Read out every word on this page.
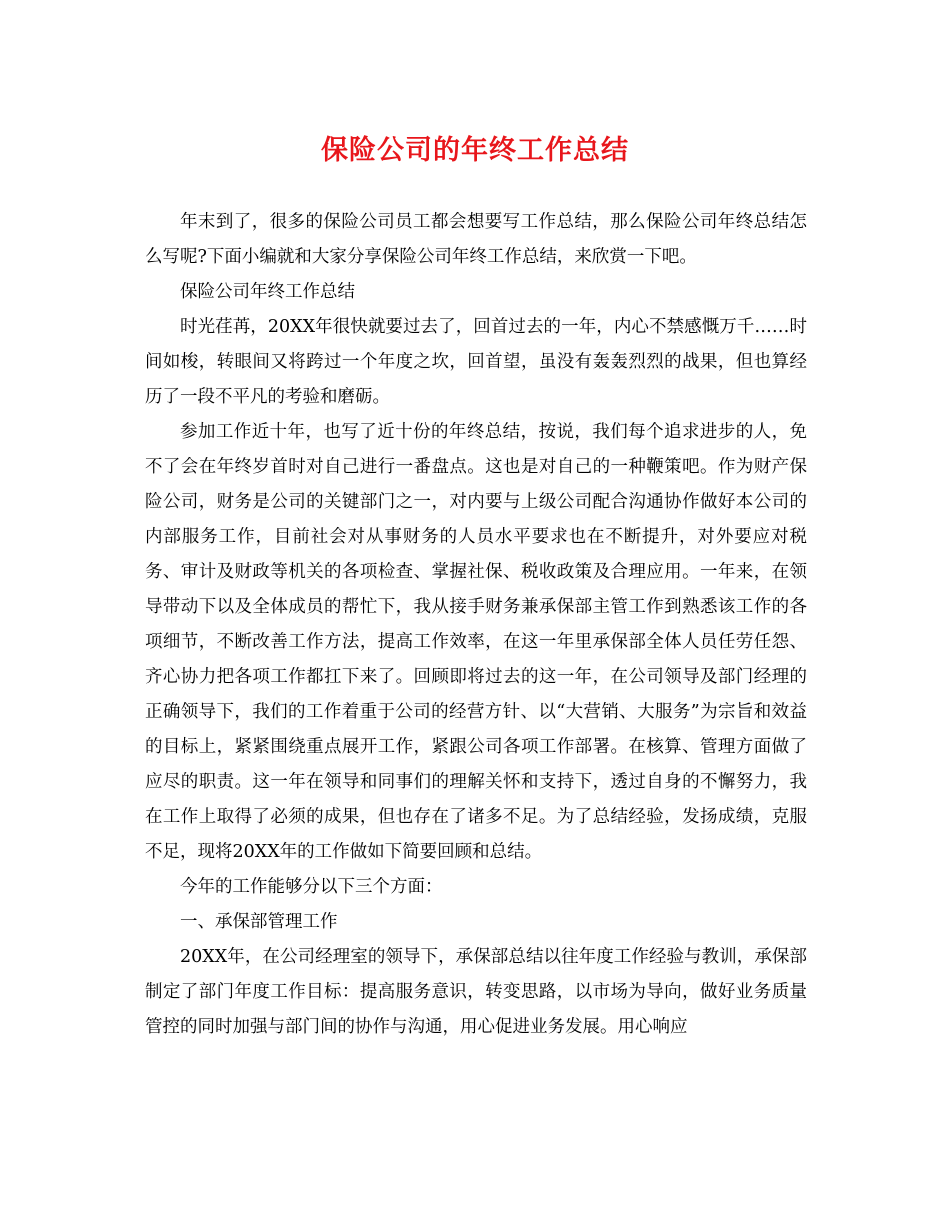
保险公司的年终工作总结

年末到了，很多的保险公司员工都会想要写工作总结，那么保险公司年终总结怎么写呢?下面小编就和大家分享保险公司年终工作总结，来欣赏一下吧。

保险公司年终工作总结

时光荏苒，20XX年很快就要过去了，回首过去的一年，内心不禁感慨万千……时间如梭，转眼间又将跨过一个年度之坎，回首望，虽没有轰轰烈烈的战果，但也算经历了一段不平凡的考验和磨砺。

参加工作近十年，也写了近十份的年终总结，按说，我们每个追求进步的人，免不了会在年终岁首时对自己进行一番盘点。这也是对自己的一种鞭策吧。作为财产保险公司，财务是公司的关键部门之一，对内要与上级公司配合沟通协作做好本公司的内部服务工作，目前社会对从事财务的人员水平要求也在不断提升，对外要应对税务、审计及财政等机关的各项检查、掌握社保、税收政策及合理应用。一年来，在领导带动下以及全体成员的帮忙下，我从接手财务兼承保部主管工作到熟悉该工作的各项细节，不断改善工作方法，提高工作效率，在这一年里承保部全体人员任劳任怨、齐心协力把各项工作都扛下来了。回顾即将过去的这一年，在公司领导及部门经理的正确领导下，我们的工作着重于公司的经营方针、以“大营销、大服务”为宗旨和效益的目标上，紧紧围绕重点展开工作，紧跟公司各项工作部署。在核算、管理方面做了应尽的职责。这一年在领导和同事们的理解关怀和支持下，透过自身的不懈努力，我在工作上取得了必须的成果，但也存在了诸多不足。为了总结经验，发扬成绩，克服不足，现将20XX年的工作做如下简要回顾和总结。

今年的工作能够分以下三个方面：

一、承保部管理工作

20XX年，在公司经理室的领导下，承保部总结以往年度工作经验与教训，承保部制定了部门年度工作目标：提高服务意识，转变思路，以市场为导向，做好业务质量管控的同时加强与部门间的协作与沟通，用心促进业务发展。用心响应
